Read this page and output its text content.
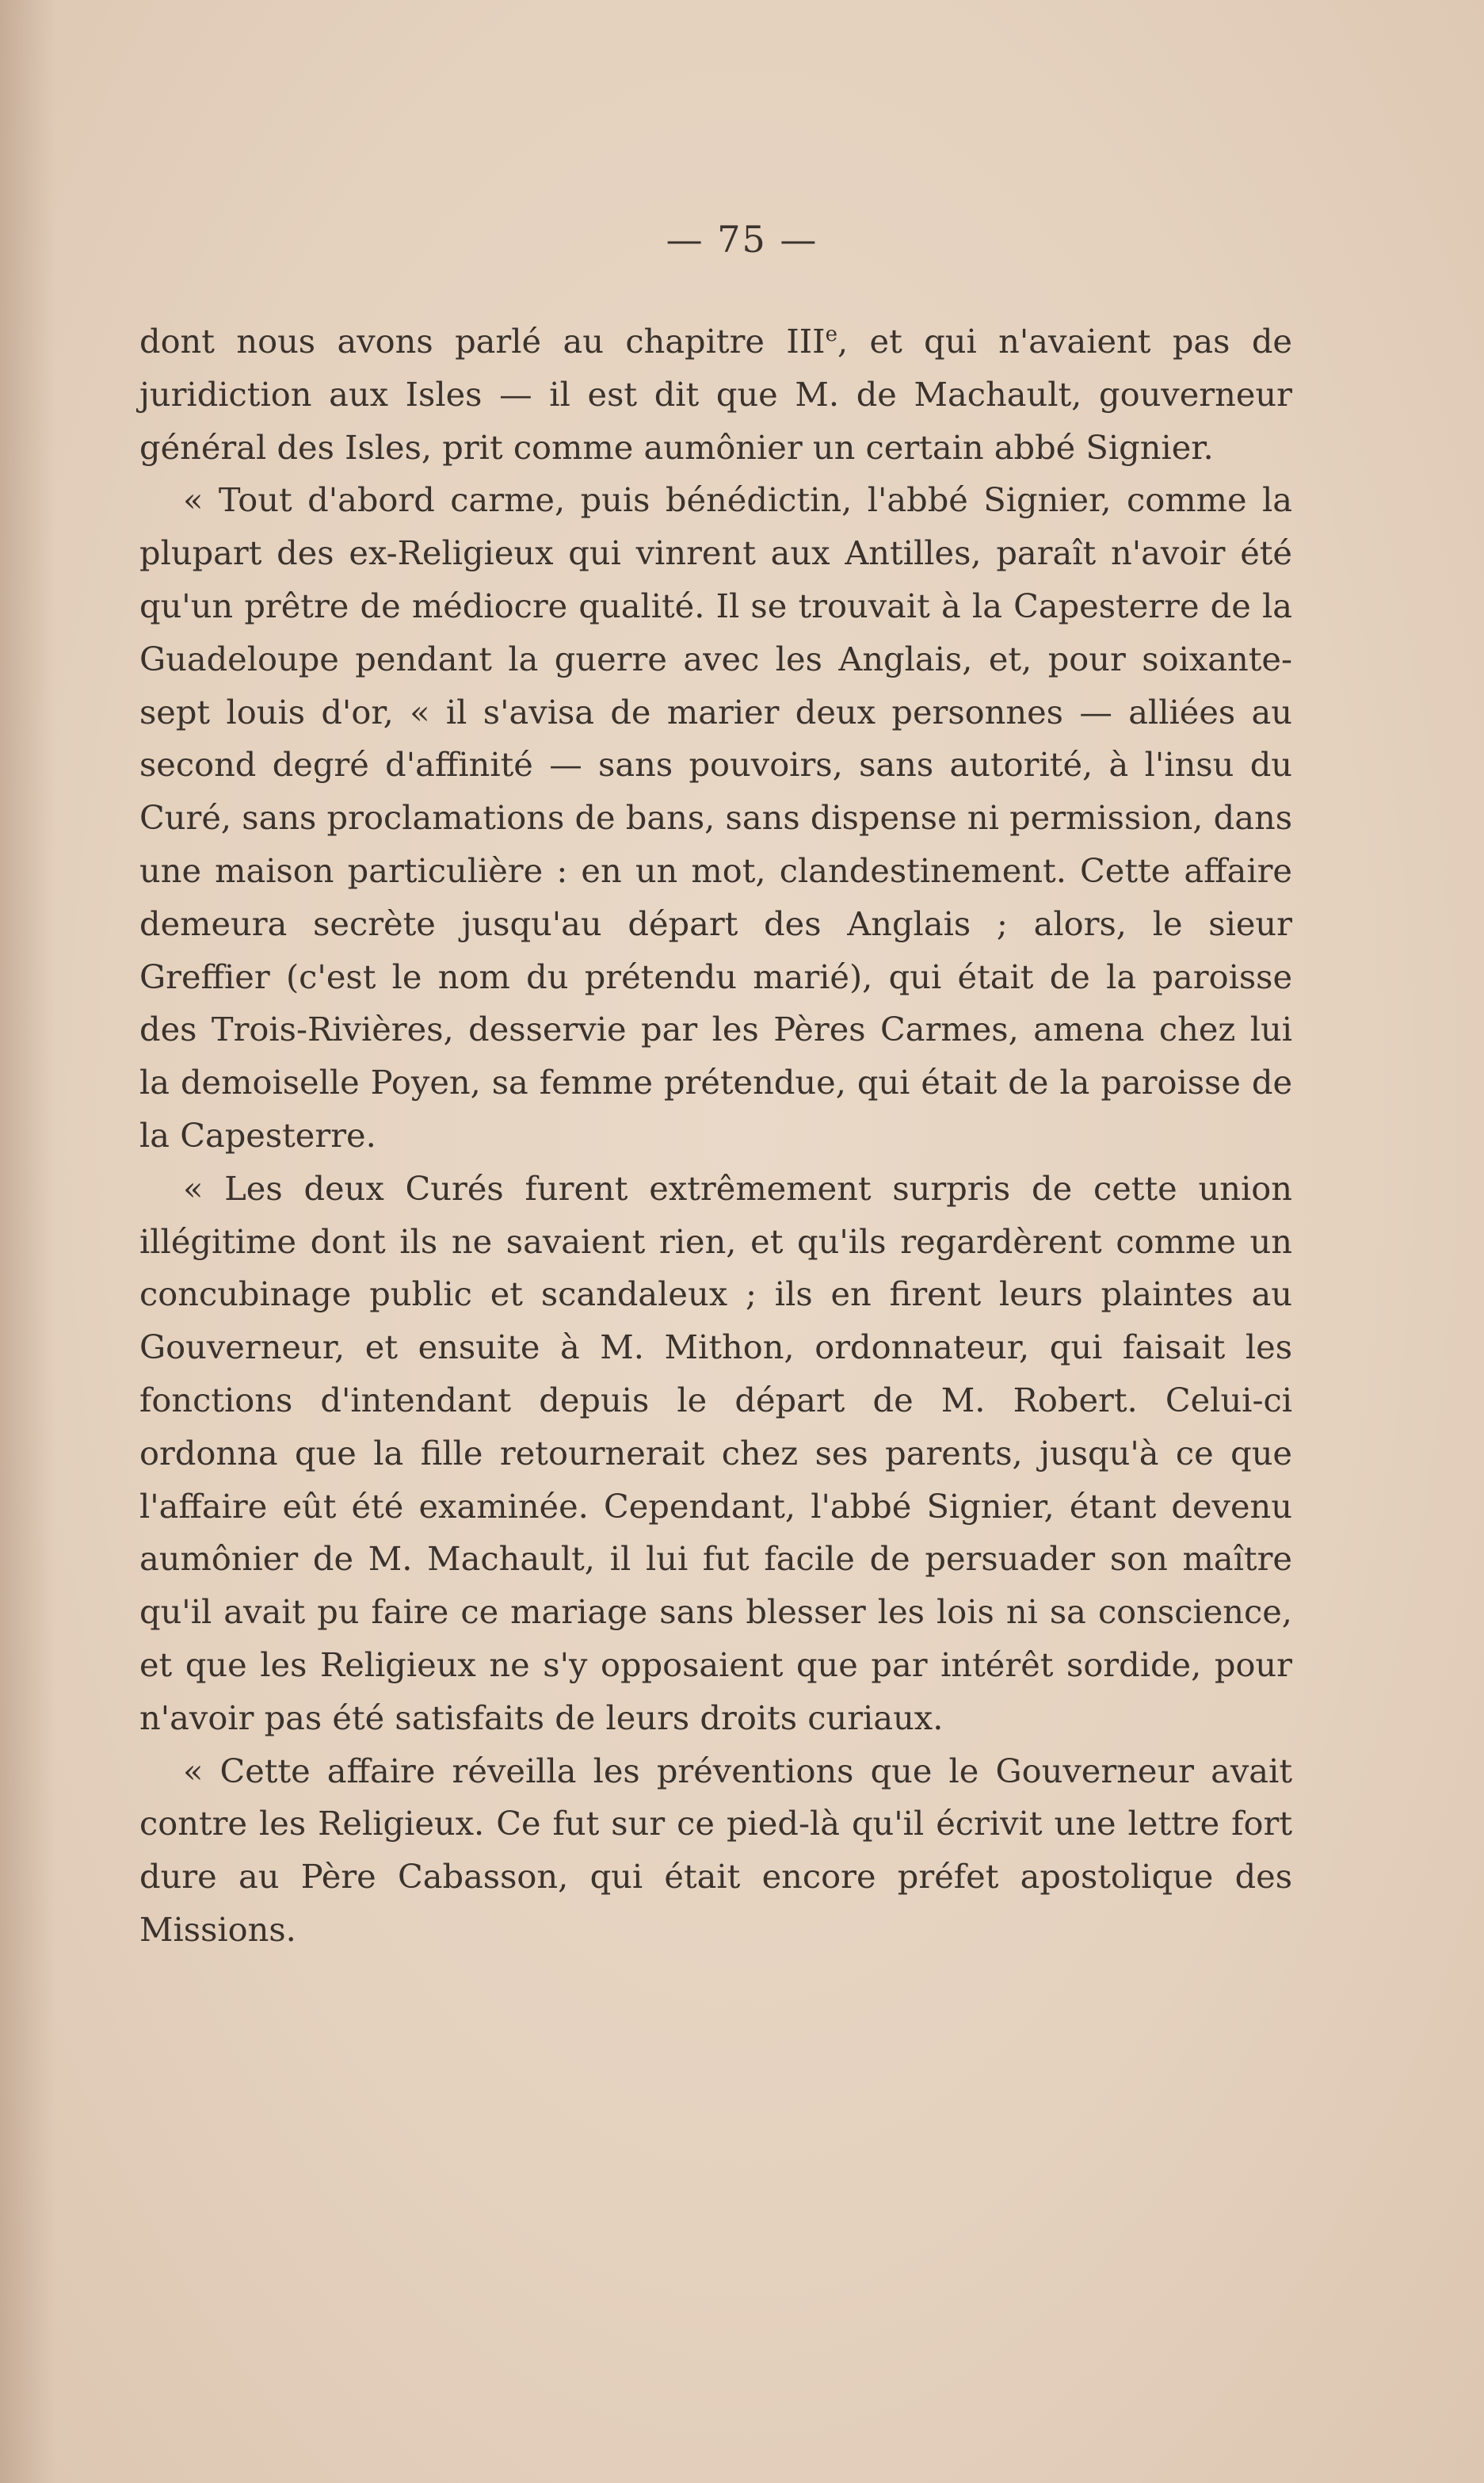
— 75 —

dont nous avons parlé au chapitre IIIe, et qui n'avaient pas de juridiction aux Isles — il est dit que M. de Machault, gouverneur général des Isles, prit comme aumônier un certain abbé Signier.

« Tout d'abord carme, puis bénédictin, l'abbé Signier, comme la plupart des ex-Religieux qui vinrent aux Antilles, paraît n'avoir été qu'un prêtre de médiocre qualité. Il se trouvait à la Capesterre de la Guadeloupe pendant la guerre avec les Anglais, et, pour soixante-sept louis d'or, « il s'avisa de marier deux personnes — alliées au second degré d'affinité — sans pouvoirs, sans autorité, à l'insu du Curé, sans proclamations de bans, sans dispense ni permission, dans une maison particulière : en un mot, clandestinement. Cette affaire demeura secrète jusqu'au départ des Anglais ; alors, le sieur Greffier (c'est le nom du prétendu marié), qui était de la paroisse des Trois-Rivières, desservie par les Pères Carmes, amena chez lui la demoiselle Poyen, sa femme prétendue, qui était de la paroisse de la Capesterre.

« Les deux Curés furent extrêmement surpris de cette union illégitime dont ils ne savaient rien, et qu'ils regardèrent comme un concubinage public et scandaleux ; ils en firent leurs plaintes au Gouverneur, et ensuite à M. Mithon, ordonnateur, qui faisait les fonctions d'intendant depuis le départ de M. Robert. Celui-ci ordonna que la fille retournerait chez ses parents, jusqu'à ce que l'affaire eût été examinée. Cependant, l'abbé Signier, étant devenu aumônier de M. Machault, il lui fut facile de persuader son maître qu'il avait pu faire ce mariage sans blesser les lois ni sa conscience, et que les Religieux ne s'y opposaient que par intérêt sordide, pour n'avoir pas été satisfaits de leurs droits curiaux.

« Cette affaire réveilla les préventions que le Gouverneur avait contre les Religieux. Ce fut sur ce pied-là qu'il écrivit une lettre fort dure au Père Cabasson, qui était encore préfet apostolique des Missions.
